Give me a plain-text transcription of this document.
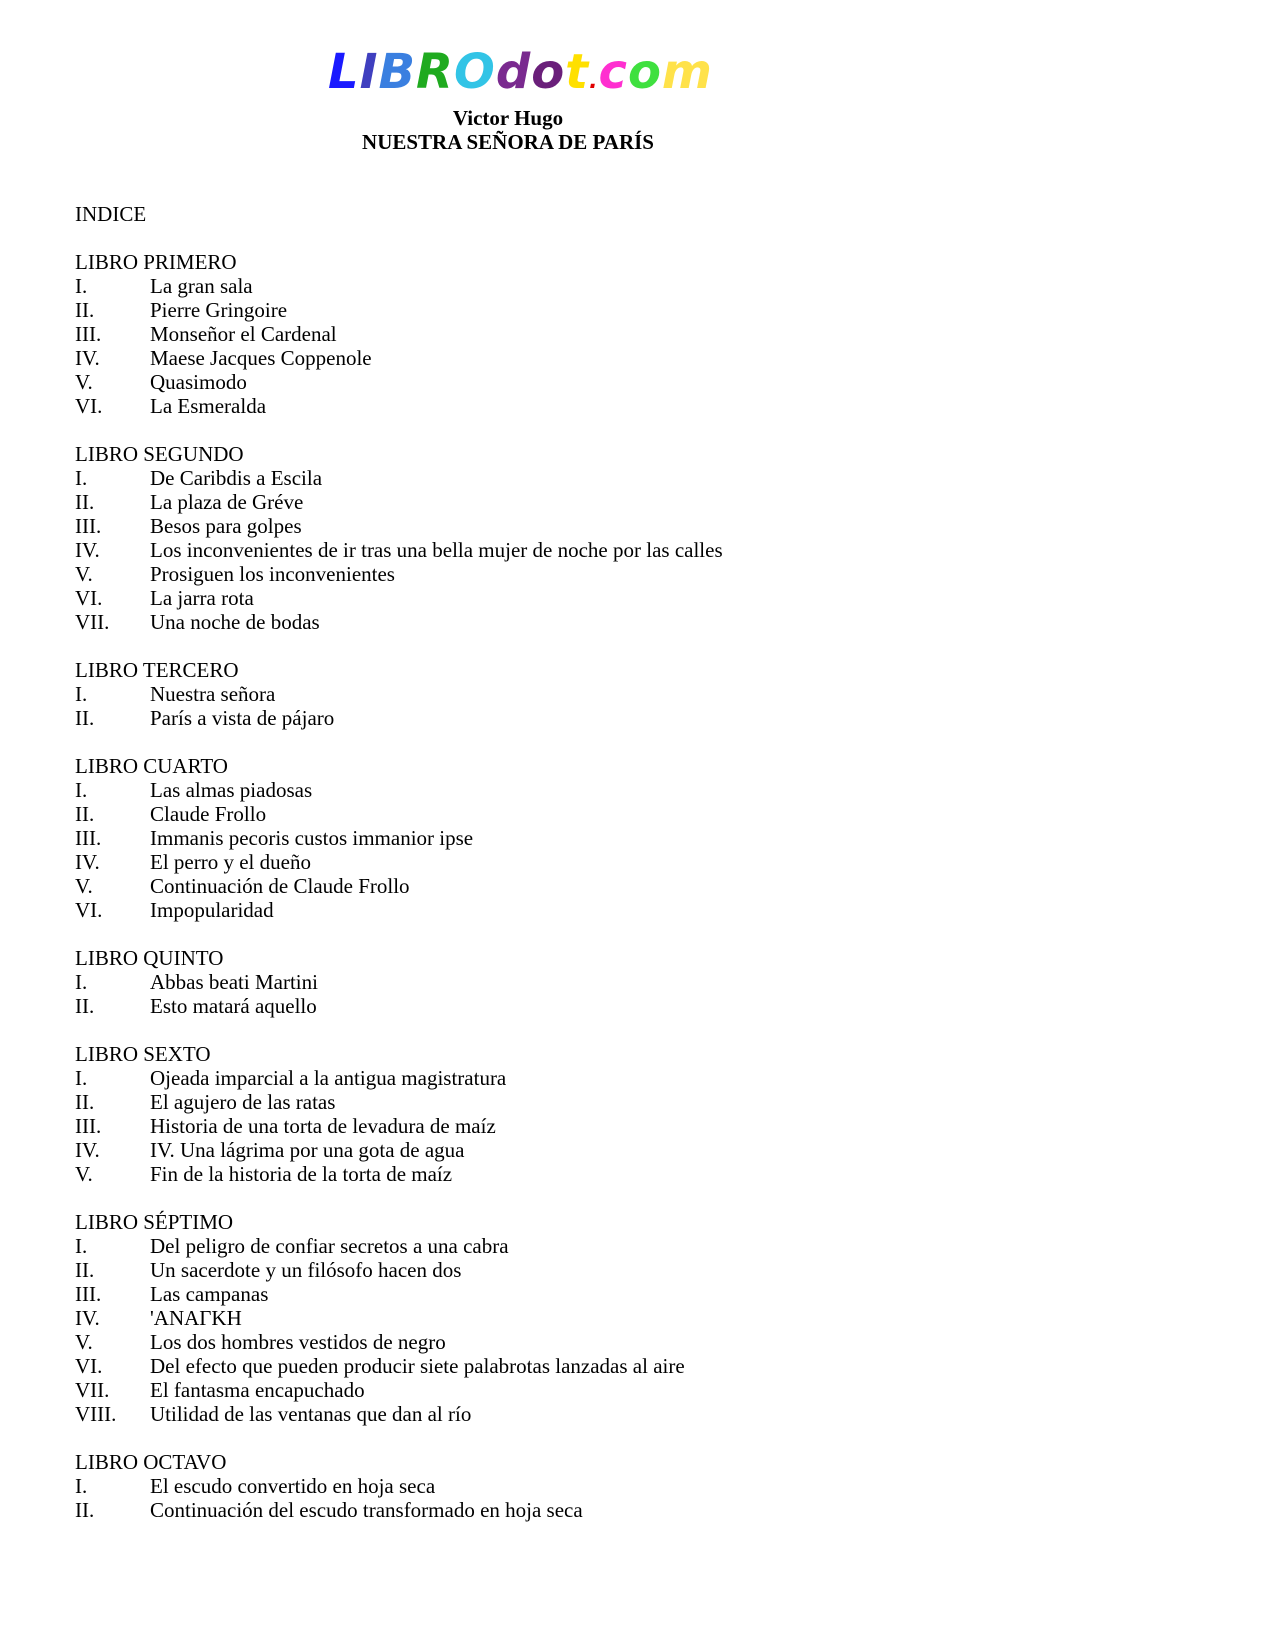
LIBROdot.com
Victor Hugo
NUESTRA SEÑORA DE PARÍS
INDICE
LIBRO PRIMERO
I.	La gran sala
II.	Pierre Gringoire
III. Monseñor el Cardenal
IV. Maese Jacques Coppenole
V.	Quasimodo
VI. La Esmeralda
LIBRO SEGUNDO
I.	De Caribdis a Escila
II.	La plaza de Gréve
III. Besos para golpes
IV. Los inconvenientes de ir tras una bella mujer de noche por las calles
V.	Prosiguen los inconvenientes
VI. La jarra rota
VII. Una noche de bodas
LIBRO TERCERO
I.	Nuestra señora
II.	París a vista de pájaro
LIBRO CUARTO
I.	Las almas piadosas
II.	Claude Frollo
III. Immanis pecoris custos immanior ipse
IV. El perro y el dueño
V.	Continuación de Claude Frollo
VI. Impopularidad
LIBRO QUINTO
I.	Abbas beati Martini
II.	Esto matará aquello
LIBRO SEXTO
I.	Ojeada imparcial a la antigua magistratura
II.	El agujero de las ratas
III. Historia de una torta de levadura de maíz
IV. IV. Una lágrima por una gota de agua
V.	Fin de la historia de la torta de maíz
LIBRO SÉPTIMO
I.	Del peligro de confiar secretos a una cabra
II.	Un sacerdote y un filósofo hacen dos
III. Las campanas
IV. 'ANAΓKH
V.	Los dos hombres vestidos de negro
VI. Del efecto que pueden producir siete palabrotas lanzadas al aire
VII. El fantasma encapuchado
VIII. Utilidad de las ventanas que dan al río
LIBRO OCTAVO
I.	El escudo convertido en hoja seca
II.	Continuación del escudo transformado en hoja seca
